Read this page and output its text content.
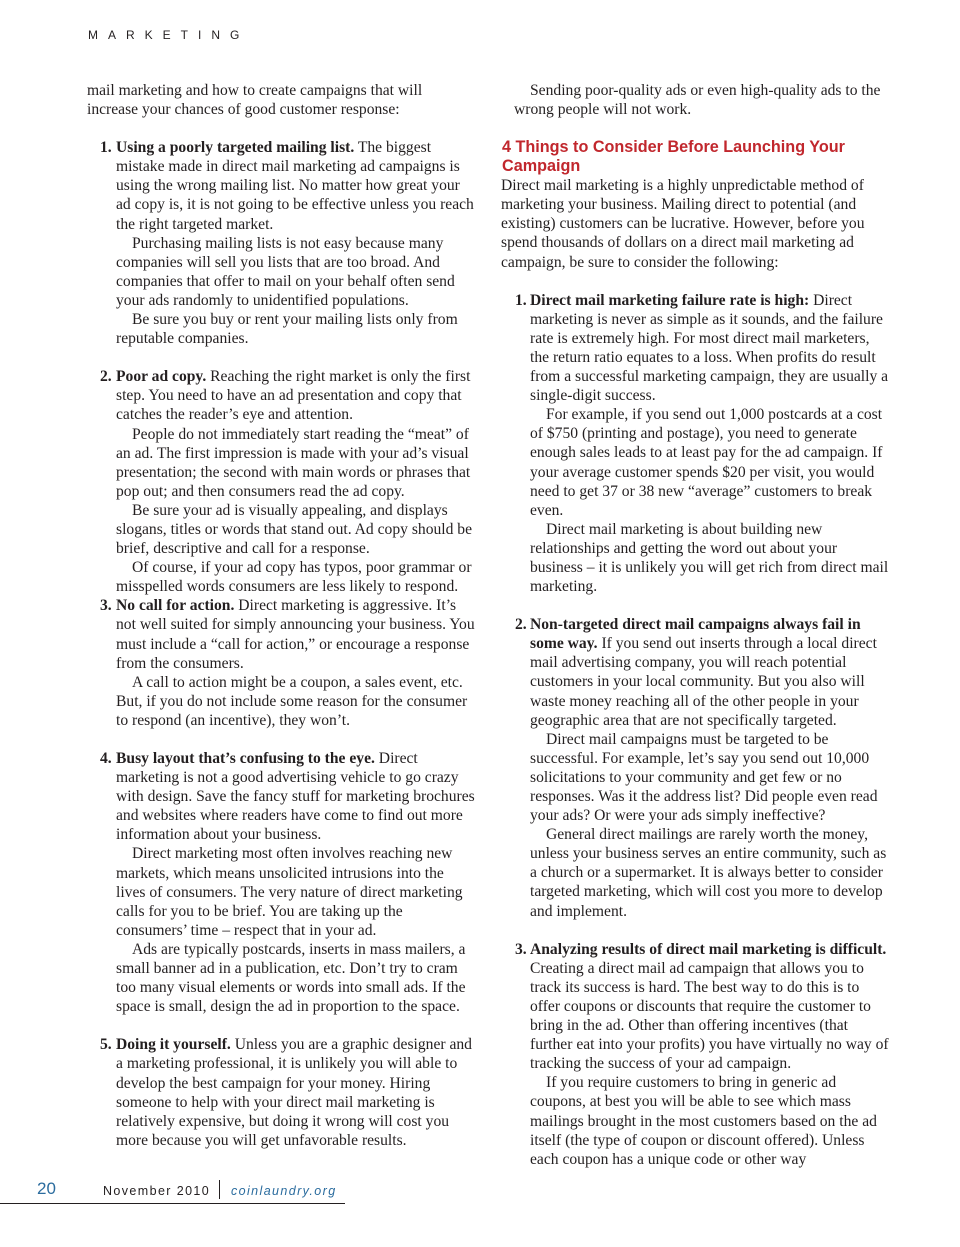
MARKETING

mail marketing and how to create campaigns that will increase your chances of good customer response:

1. Using a poorly targeted mailing list. The biggest mistake made in direct mail marketing ad campaigns is using the wrong mailing list. No matter how great your ad copy is, it is not going to be effective unless you reach the right targeted market.

Purchasing mailing lists is not easy because many companies will sell you lists that are too broad. And companies that offer to mail on your behalf often send your ads randomly to unidentified populations.

Be sure you buy or rent your mailing lists only from reputable companies.

2. Poor ad copy. Reaching the right market is only the first step. You need to have an ad presentation and copy that catches the reader’s eye and attention.

People do not immediately start reading the “meat” of an ad. The first impression is made with your ad’s visual presentation; the second with main words or phrases that pop out; and then consumers read the ad copy.

Be sure your ad is visually appealing, and displays slogans, titles or words that stand out. Ad copy should be brief, descriptive and call for a response.

Of course, if your ad copy has typos, poor grammar or misspelled words consumers are less likely to respond.

3. No call for action. Direct marketing is aggressive. It’s not well suited for simply announcing your business. You must include a “call for action,” or encourage a response from the consumers.

A call to action might be a coupon, a sales event, etc. But, if you do not include some reason for the consumer to respond (an incentive), they won’t.

4. Busy layout that’s confusing to the eye. Direct marketing is not a good advertising vehicle to go crazy with design. Save the fancy stuff for marketing brochures and websites where readers have come to find out more information about your business.

Direct marketing most often involves reaching new markets, which means unsolicited intrusions into the lives of consumers. The very nature of direct marketing calls for you to be brief. You are taking up the consumers’ time – respect that in your ad.

Ads are typically postcards, inserts in mass mailers, a small banner ad in a publication, etc. Don’t try to cram too many visual elements or words into small ads. If the space is small, design the ad in proportion to the space.

5. Doing it yourself. Unless you are a graphic designer and a marketing professional, it is unlikely you will able to develop the best campaign for your money. Hiring someone to help with your direct mail marketing is relatively expensive, but doing it wrong will cost you more because you will get unfavorable results.

Sending poor-quality ads or even high-quality ads to the wrong people will not work.

4 Things to Consider Before Launching Your Campaign

Direct mail marketing is a highly unpredictable method of marketing your business. Mailing direct to potential (and existing) customers can be lucrative. However, before you spend thousands of dollars on a direct mail marketing ad campaign, be sure to consider the following:

1. Direct mail marketing failure rate is high: Direct marketing is never as simple as it sounds, and the failure rate is extremely high. For most direct mail marketers, the return ratio equates to a loss. When profits do result from a successful marketing campaign, they are usually a single-digit success.

For example, if you send out 1,000 postcards at a cost of $750 (printing and postage), you need to generate enough sales leads to at least pay for the ad campaign. If your average customer spends $20 per visit, you would need to get 37 or 38 new “average” customers to break even.

Direct mail marketing is about building new relationships and getting the word out about your business – it is unlikely you will get rich from direct mail marketing.

2. Non-targeted direct mail campaigns always fail in some way. If you send out inserts through a local direct mail advertising company, you will reach potential customers in your local community. But you also will waste money reaching all of the other people in your geographic area that are not specifically targeted.

Direct mail campaigns must be targeted to be successful. For example, let’s say you send out 10,000 solicitations to your community and get few or no responses. Was it the address list? Did people even read your ads? Or were your ads simply ineffective?

General direct mailings are rarely worth the money, unless your business serves an entire community, such as a church or a supermarket. It is always better to consider targeted marketing, which will cost you more to develop and implement.

3. Analyzing results of direct mail marketing is difficult. Creating a direct mail ad campaign that allows you to track its success is hard. The best way to do this is to offer coupons or discounts that require the customer to bring in the ad. Other than offering incentives (that further eat into your profits) you have virtually no way of tracking the success of your ad campaign.

If you require customers to bring in generic ad coupons, at best you will be able to see which mass mailings brought in the most customers based on the ad itself (the type of coupon or discount offered). Unless each coupon has a unique code or other way

20	November 2010 coinlaundry.org
